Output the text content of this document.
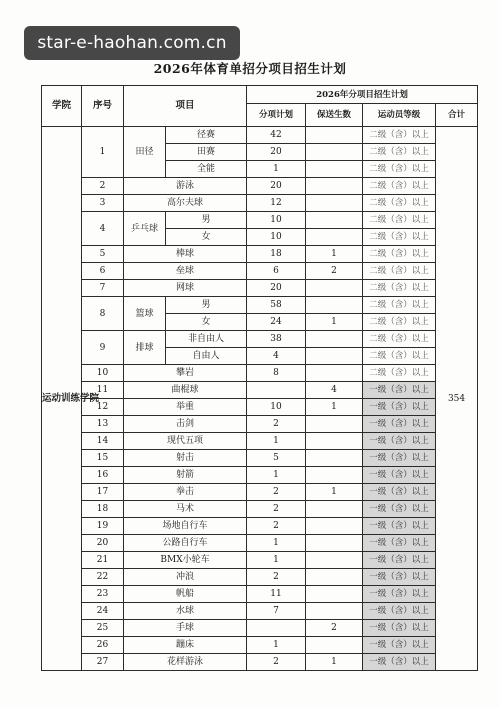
star-e-haohan.com.cn
2026年体育单招分项目招生计划
学院	序号	项目		2026年分项目招生计划			
				分项计划	保送生数	运动员等级	合计
运动训练学院	1	田径	径赛	42		二级（含）以上	354
			田赛	20		二级（含）以上	
			全能	1		二级（含）以上	
	2	游泳		20		二级（含）以上	
	3	高尔夫球		12		二级（含）以上	
	4	乒乓球	男	10		二级（含）以上	
			女	10		二级（含）以上	
	5	棒球		18	1	二级（含）以上	
	6	垒球		6	2	二级（含）以上	
	7	网球		20		二级（含）以上	
	8	篮球	男	58		二级（含）以上	
			女	24	1	二级（含）以上	
	9	排球	非自由人	38		二级（含）以上	
			自由人	4		二级（含）以上	
	10	攀岩		8		二级（含）以上	
	11	曲棍球			4	一级（含）以上	
	12	举重		10	1	一级（含）以上	
	13	击剑		2		一级（含）以上	
	14	现代五项		1		一级（含）以上	
	15	射击		5		一级（含）以上	
	16	射箭		1		一级（含）以上	
	17	拳击		2	1	一级（含）以上	
	18	马术		2		一级（含）以上	
	19	场地自行车		2		一级（含）以上	
	20	公路自行车		1		一级（含）以上	
	21	BMX小轮车		1		一级（含）以上	
	22	冲浪		2		一级（含）以上	
	23	帆船		11		一级（含）以上	
	24	水球		7		一级（含）以上	
	25	手球			2	一级（含）以上	
	26	蹦床		1		一级（含）以上	
	27	花样游泳		2	1	一级（含）以上	
